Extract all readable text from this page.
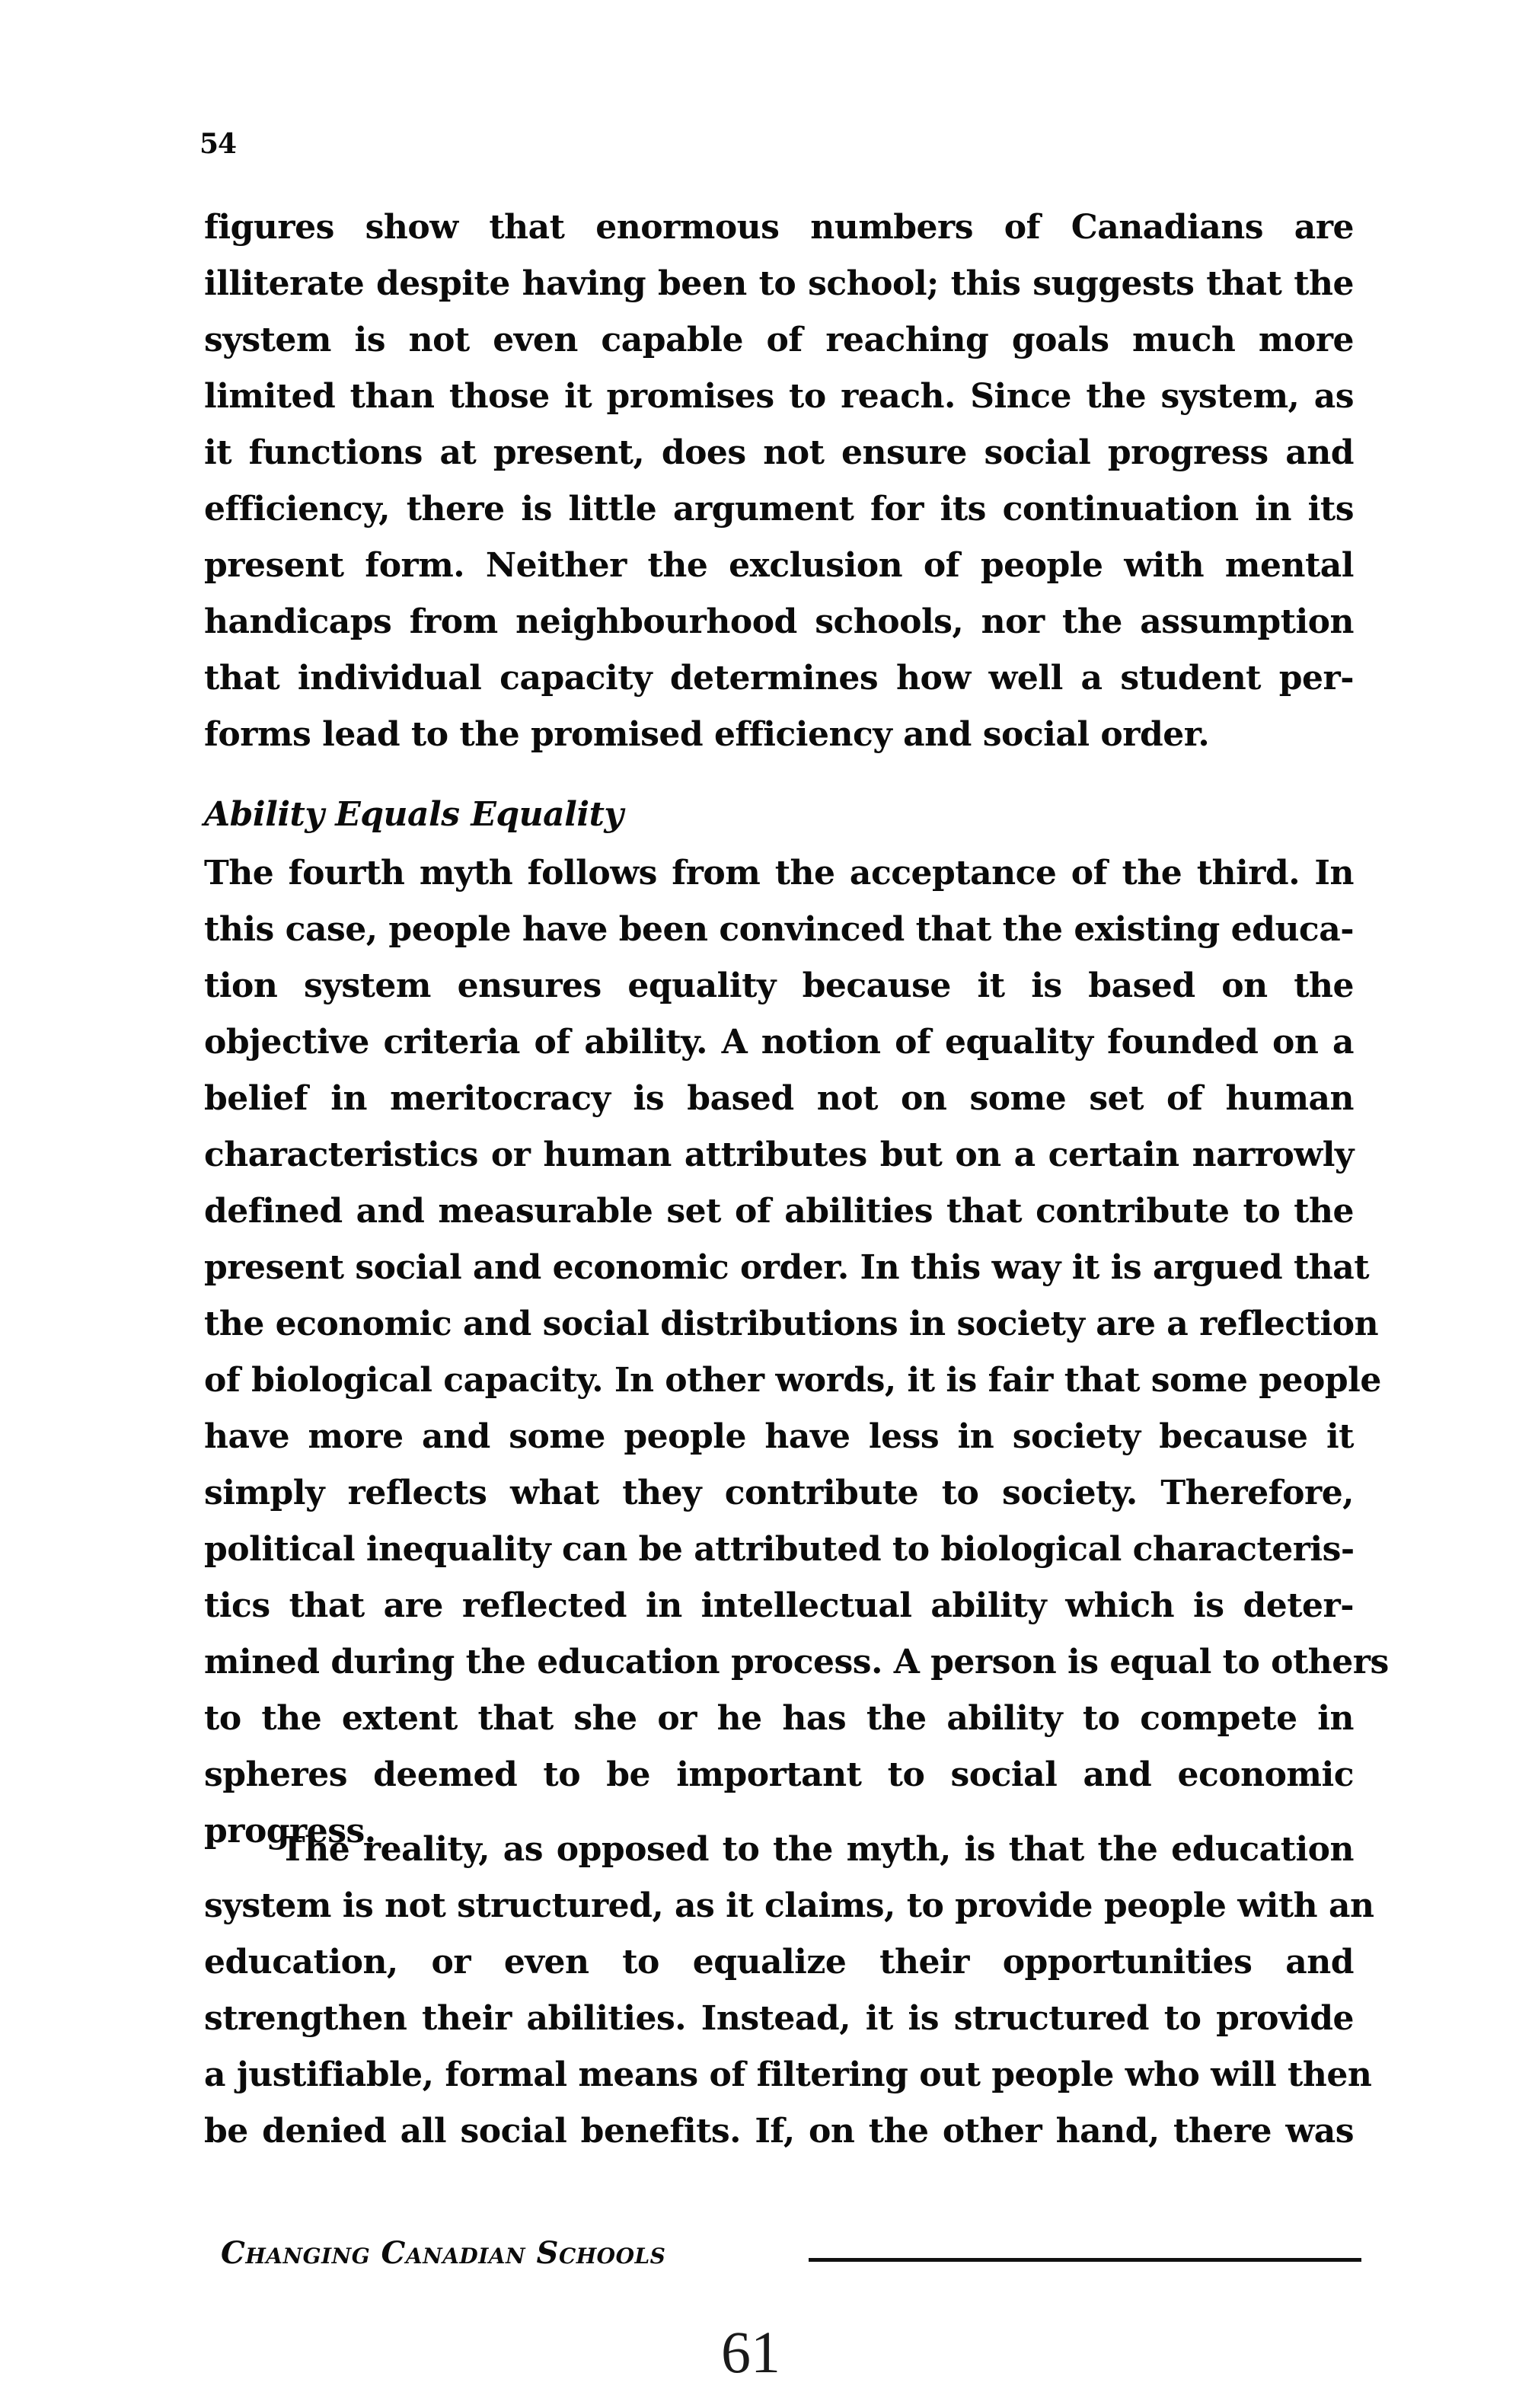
54
figures show that enormous numbers of Canadians are
illiterate despite having been to school; this suggests that the
system is not even capable of reaching goals much more
limited than those it promises to reach. Since the system, as
it functions at present, does not ensure social progress and
efficiency, there is little argument for its continuation in its
present form. Neither the exclusion of people with mental
handicaps from neighbourhood schools, nor the assumption
that individual capacity determines how well a student per-
forms lead to the promised efficiency and social order.
Ability Equals Equality
The fourth myth follows from the acceptance of the third. In
this case, people have been convinced that the existing educa-
tion system ensures equality because it is based on the
objective criteria of ability. A notion of equality founded on a
belief in meritocracy is based not on some set of human
characteristics or human attributes but on a certain narrowly
defined and measurable set of abilities that contribute to the
present social and economic order. In this way it is argued that
the economic and social distributions in society are a reflection
of biological capacity. In other words, it is fair that some people
have more and some people have less in society because it
simply reflects what they contribute to society. Therefore,
political inequality can be attributed to biological characteris-
tics that are reflected in intellectual ability which is deter-
mined during the education process. A person is equal to others
to the extent that she or he has the ability to compete in
spheres deemed to be important to social and economic
progress.
The reality, as opposed to the myth, is that the education
system is not structured, as it claims, to provide people with an
education, or even to equalize their opportunities and
strengthen their abilities. Instead, it is structured to provide
a justifiable, formal means of filtering out people who will then
be denied all social benefits. If, on the other hand, there was
Changing Canadian Schools
61
